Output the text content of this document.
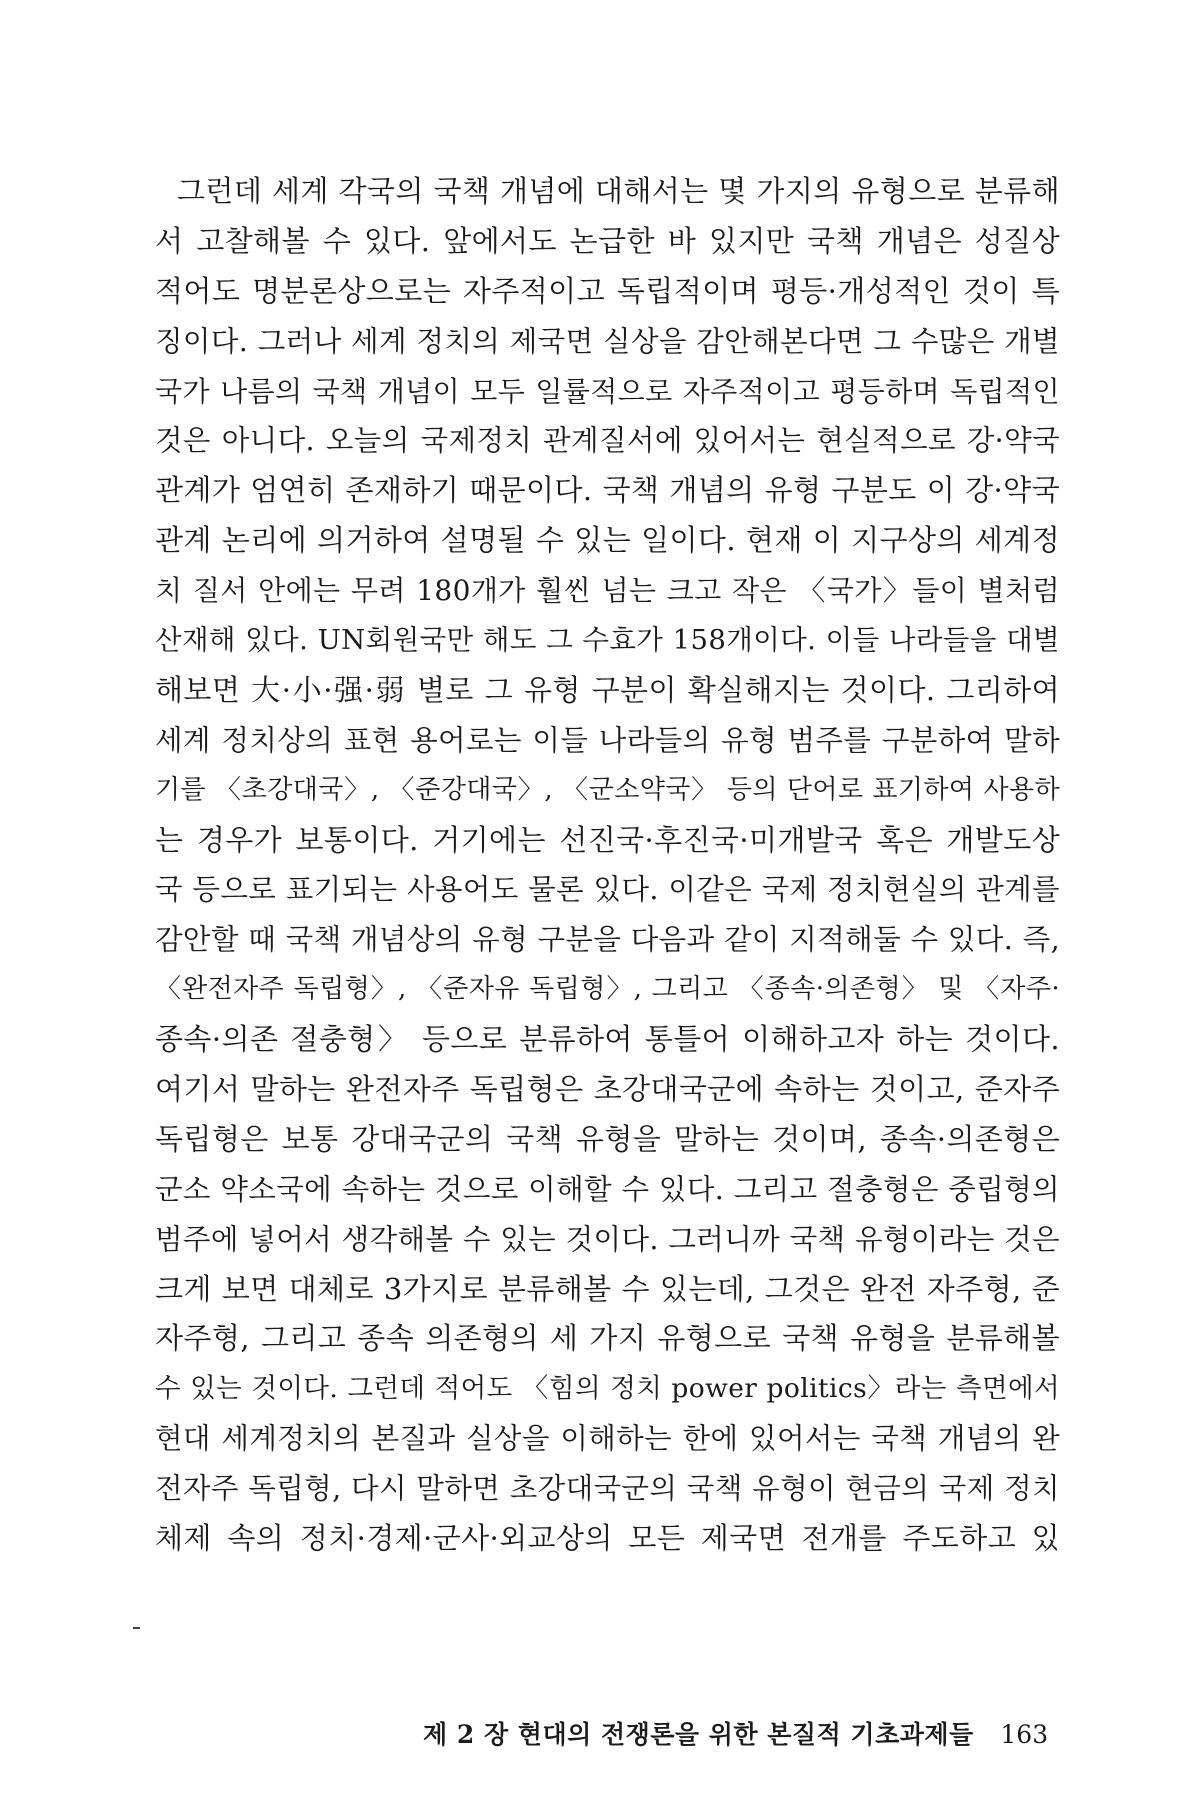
그런데 세계 각국의 국책 개념에 대해서는 몇 가지의 유형으로 분류해
서 고찰해볼 수 있다. 앞에서도 논급한 바 있지만 국책 개념은 성질상
적어도 명분론상으로는 자주적이고 독립적이며 평등·개성적인 것이 특
징이다. 그러나 세계 정치의 제국면 실상을 감안해본다면 그 수많은 개별
국가 나름의 국책 개념이 모두 일률적으로 자주적이고 평등하며 독립적인
것은 아니다. 오늘의 국제정치 관계질서에 있어서는 현실적으로 강·약국
관계가 엄연히 존재하기 때문이다. 국책 개념의 유형 구분도 이 강·약국
관계 논리에 의거하여 설명될 수 있는 일이다. 현재 이 지구상의 세계정
치 질서 안에는 무려 180개가 훨씬 넘는 크고 작은 〈국가〉들이 별처럼
산재해 있다. UN회원국만 해도 그 수효가 158개이다. 이들 나라들을 대별
해보면 大·小·强·弱 별로 그 유형 구분이 확실해지는 것이다. 그리하여
세계 정치상의 표현 용어로는 이들 나라들의 유형 범주를 구분하여 말하
기를 〈초강대국〉, 〈준강대국〉, 〈군소약국〉 등의 단어로 표기하여 사용하
는 경우가 보통이다. 거기에는 선진국·후진국·미개발국 혹은 개발도상
국 등으로 표기되는 사용어도 물론 있다. 이같은 국제 정치현실의 관계를
감안할 때 국책 개념상의 유형 구분을 다음과 같이 지적해둘 수 있다. 즉,
〈완전자주 독립형〉, 〈준자유 독립형〉, 그리고 〈종속·의존형〉 및 〈자주·
종속·의존 절충형〉 등으로 분류하여 통틀어 이해하고자 하는 것이다.
여기서 말하는 완전자주 독립형은 초강대국군에 속하는 것이고, 준자주
독립형은 보통 강대국군의 국책 유형을 말하는 것이며, 종속·의존형은
군소 약소국에 속하는 것으로 이해할 수 있다. 그리고 절충형은 중립형의
범주에 넣어서 생각해볼 수 있는 것이다. 그러니까 국책 유형이라는 것은
크게 보면 대체로 3가지로 분류해볼 수 있는데, 그것은 완전 자주형, 준
자주형, 그리고 종속 의존형의 세 가지 유형으로 국책 유형을 분류해볼
수 있는 것이다. 그런데 적어도 〈힘의 정치 power politics〉라는 측면에서
현대 세계정치의 본질과 실상을 이해하는 한에 있어서는 국책 개념의 완
전자주 독립형, 다시 말하면 초강대국군의 국책 유형이 현금의 국제 정치
체제 속의 정치·경제·군사·외교상의 모든 제국면 전개를 주도하고 있
제 2 장 현대의 전쟁론을 위한 본질적 기초과제들 163
